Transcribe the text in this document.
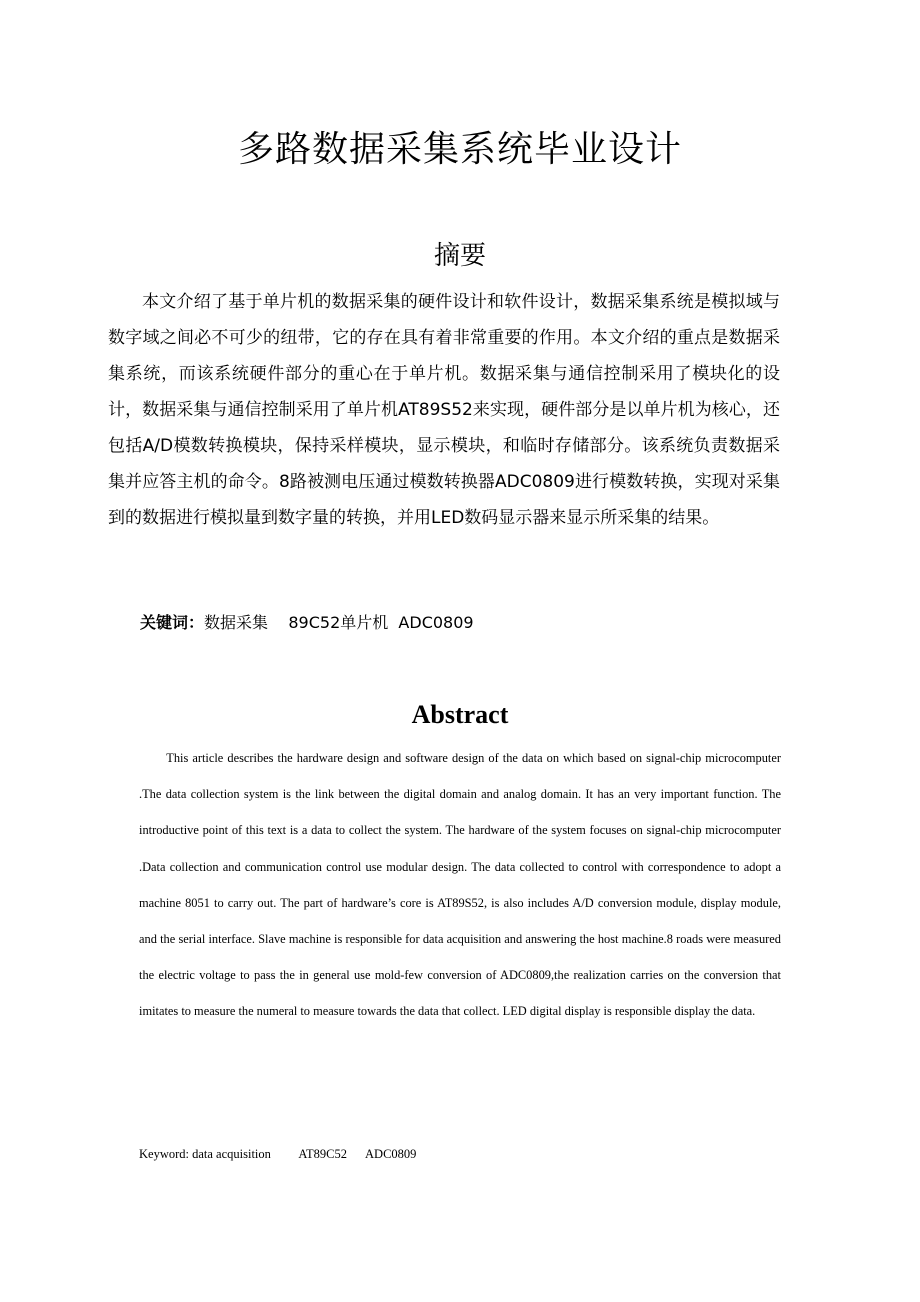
多路数据采集系统毕业设计
摘要

本文介绍了基于单片机的数据采集的硬件设计和软件设计，数据采集系统是模拟域与数字域之间必不可少的纽带，它的存在具有着非常重要的作用。本文介绍的重点是数据采集系统，而该系统硬件部分的重心在于单片机。数据采集与通信控制采用了模块化的设计，数据采集与通信控制采用了单片机AT89S52来实现，硬件部分是以单片机为核心，还包括A/D模数转换模块，保持采样模块，显示模块，和临时存储部分。该系统负责数据采集并应答主机的命令。8路被测电压通过模数转换器ADC0809进行模数转换，实现对采集到的数据进行模拟量到数字量的转换，并用LED数码显示器来显示所采集的结果。

关键词：数据采集    89C52单片机  ADC0809
Abstract

This article describes the hardware design and software design of the data on which based on signal-chip microcomputer .The data collection system is the link between the digital domain and analog domain. It has an very important function. The introductive point of this text is a data to collect the system. The hardware of the system focuses on signal-chip microcomputer .Data collection and communication control use modular design. The data collected to control with correspondence to adopt a machine 8051 to carry out. The part of hardware’s core is AT89S52, is also includes A/D conversion module, display module, and the serial interface. Slave machine is responsible for data acquisition and answering the host machine.8 roads were measured the electric voltage to pass the in general use mold-few conversion of ADC0809,the realization carries on the conversion that imitates to measure the numeral to measure towards the data that collect. LED digital display is responsible display the data.

Keyword: data acquisition         AT89C52      ADC0809
